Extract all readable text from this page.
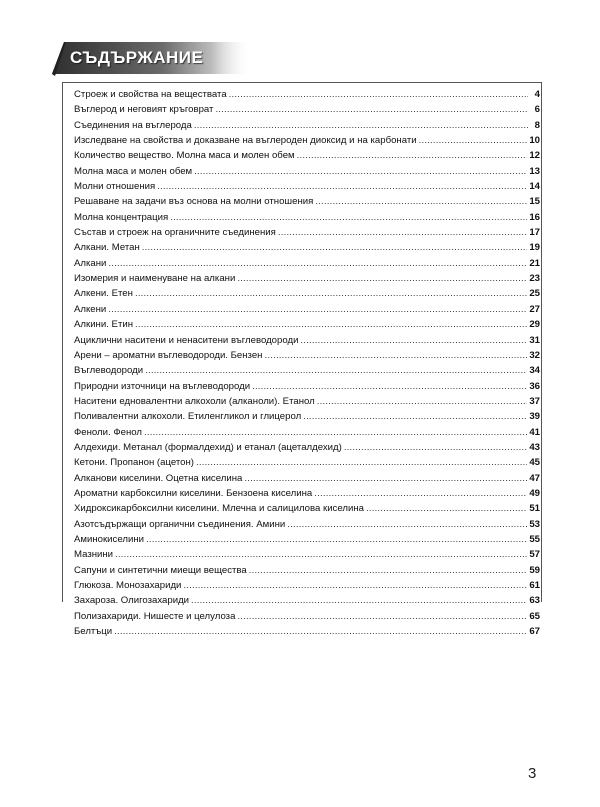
СЪДЪРЖАНИЕ
Строеж и свойства на веществата .....	4
Въглерод и неговият кръговрат .....	6
Съединения на въглерода .....	8
Изследване на свойства и доказване на въглероден диоксид и на карбонати .....	10
Количество вещество. Молна маса и молен обем .....	12
Молна маса и молен обем .....	13
Молни отношения .....	14
Решаване на задачи въз основа на молни отношения .....	15
Молна концентрация .....	16
Състав и строеж на органичните съединения .....	17
Алкани. Метан .....	19
Алкани .....	21
Изомерия и наименуване на алкани .....	23
Алкени. Етен .....	25
Алкени .....	27
Алкини. Етин .....	29
Ациклични наситени и ненаситени въглеводороди .....	31
Арени – ароматни въглеводороди. Бензен .....	32
Въглеводороди .....	34
Природни източници на въглеводороди .....	36
Наситени едновалентни алкохоли (алканоли). Етанол .....	37
Поливалентни алкохоли. Етиленгликол и глицерол .....	39
Феноли. Фенол .....	41
Алдехиди. Метанал (формалдехид) и етанал (ацеталдехид) .....	43
Кетони. Пропанон (ацетон) .....	45
Алканови киселини. Оцетна киселина .....	47
Ароматни карбоксилни киселини. Бензоена киселина .....	49
Хидроксикарбоксилни киселини. Млечна и салицилова киселина .....	51
Азотсъдържащи органични съединения. Амини .....	53
Аминокиселини .....	55
Мазнини .....	57
Сапуни и синтетични миещи вещества .....	59
Глюкоза. Монозахариди .....	61
Захароза. Олигозахариди .....	63
Полизахариди. Нишесте и целулоза .....	65
Белтъци .....	67
3
